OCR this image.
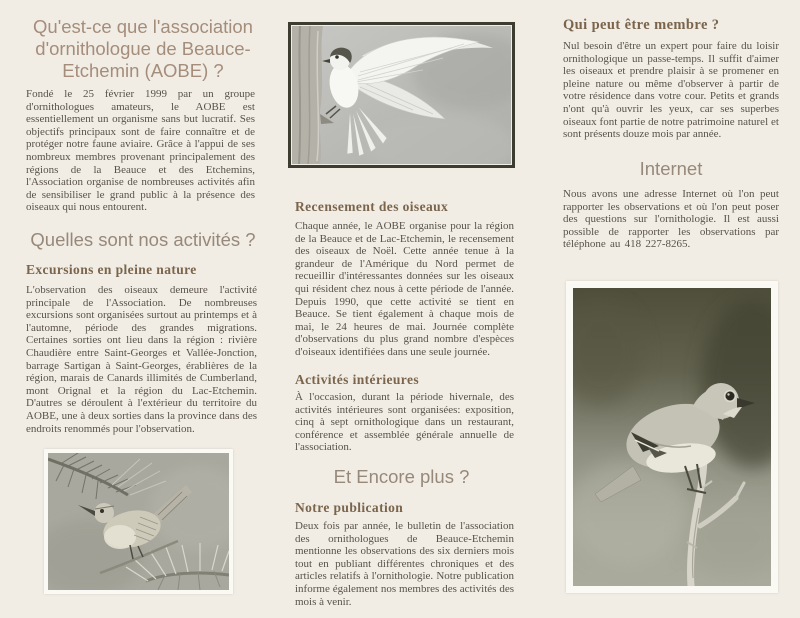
Qu'est-ce que l'association
d'ornithologue de Beauce-
Etchemin (AOBE) ?

Fondé le 25 février 1999 par un groupe d'ornithologues amateurs, le AOBE est essentiellement un organisme sans but lucratif. Ses objectifs principaux sont de faire connaître et de protéger notre faune aviaire. Grâce à l'appui de ses nombreux membres provenant principalement des régions de la Beauce et des Etchemins, l'Association organise de nombreuses activités afin de sensibiliser le grand public à la présence des oiseaux qui nous entourent.

Quelles sont nos activités ?
Excursions en pleine nature

L'observation des oiseaux demeure l'activité principale de l'Association. De nombreuses excursions sont organisées surtout au printemps et à l'automne, période des grandes migrations. Certaines sorties ont lieu dans la région : rivière Chaudière entre Saint-Georges et Vallée-Jonction, barrage Sartigan à Saint-Georges, érablières de la région, marais de Canards illimités de Cumberland, mont Orignal et la région du Lac-Etchemin. D'autres se déroulent à l'extérieur du territoire du AOBE, une à deux sorties dans la province dans des endroits renommés pour l'observation.

Recensement des oiseaux

Chaque année, le AOBE organise pour la région de la Beauce et de Lac-Etchemin, le recensement des oiseaux de Noël. Cette année tenue à la grandeur de l'Amérique du Nord permet de recueillir d'intéressantes données sur les oiseaux qui résident chez nous à cette période de l'année. Depuis 1990, que cette activité se tient en Beauce. Se tient également à chaque mois de mai, le 24 heures de mai. Journée complète d'observations du plus grand nombre d'espèces d'oiseaux identifiées dans une seule journée.

Activités intérieures

À l'occasion, durant la période hivernale, des activités intérieures sont organisées: exposition, cinq à sept ornithologique dans un restaurant, conférence et assemblée générale annuelle de l'association.

Et Encore plus ?
Notre publication

Deux fois par année, le bulletin de l'association des ornithologues de Beauce-Etchemin mentionne les observations des six derniers mois tout en publiant différentes chroniques et des articles relatifs à l'ornithologie. Notre publication informe également nos membres des activités des mois à venir.

Qui peut être membre ?

Nul besoin d'être un expert pour faire du loisir ornithologique un passe-temps. Il suffit d'aimer les oiseaux et prendre plaisir à se promener en pleine nature ou même d'observer à partir de votre résidence dans votre cour. Petits et grands n'ont qu'à ouvrir les yeux, car ses superbes oiseaux font partie de notre patrimoine naturel et sont présents douze mois par année.

Internet

Nous avons une adresse Internet où l'on peut rapporter les observations et où l'on peut poser des questions sur l'ornithologie. Il est aussi possible de rapporter les observations par téléphone au 418 227-8265.
